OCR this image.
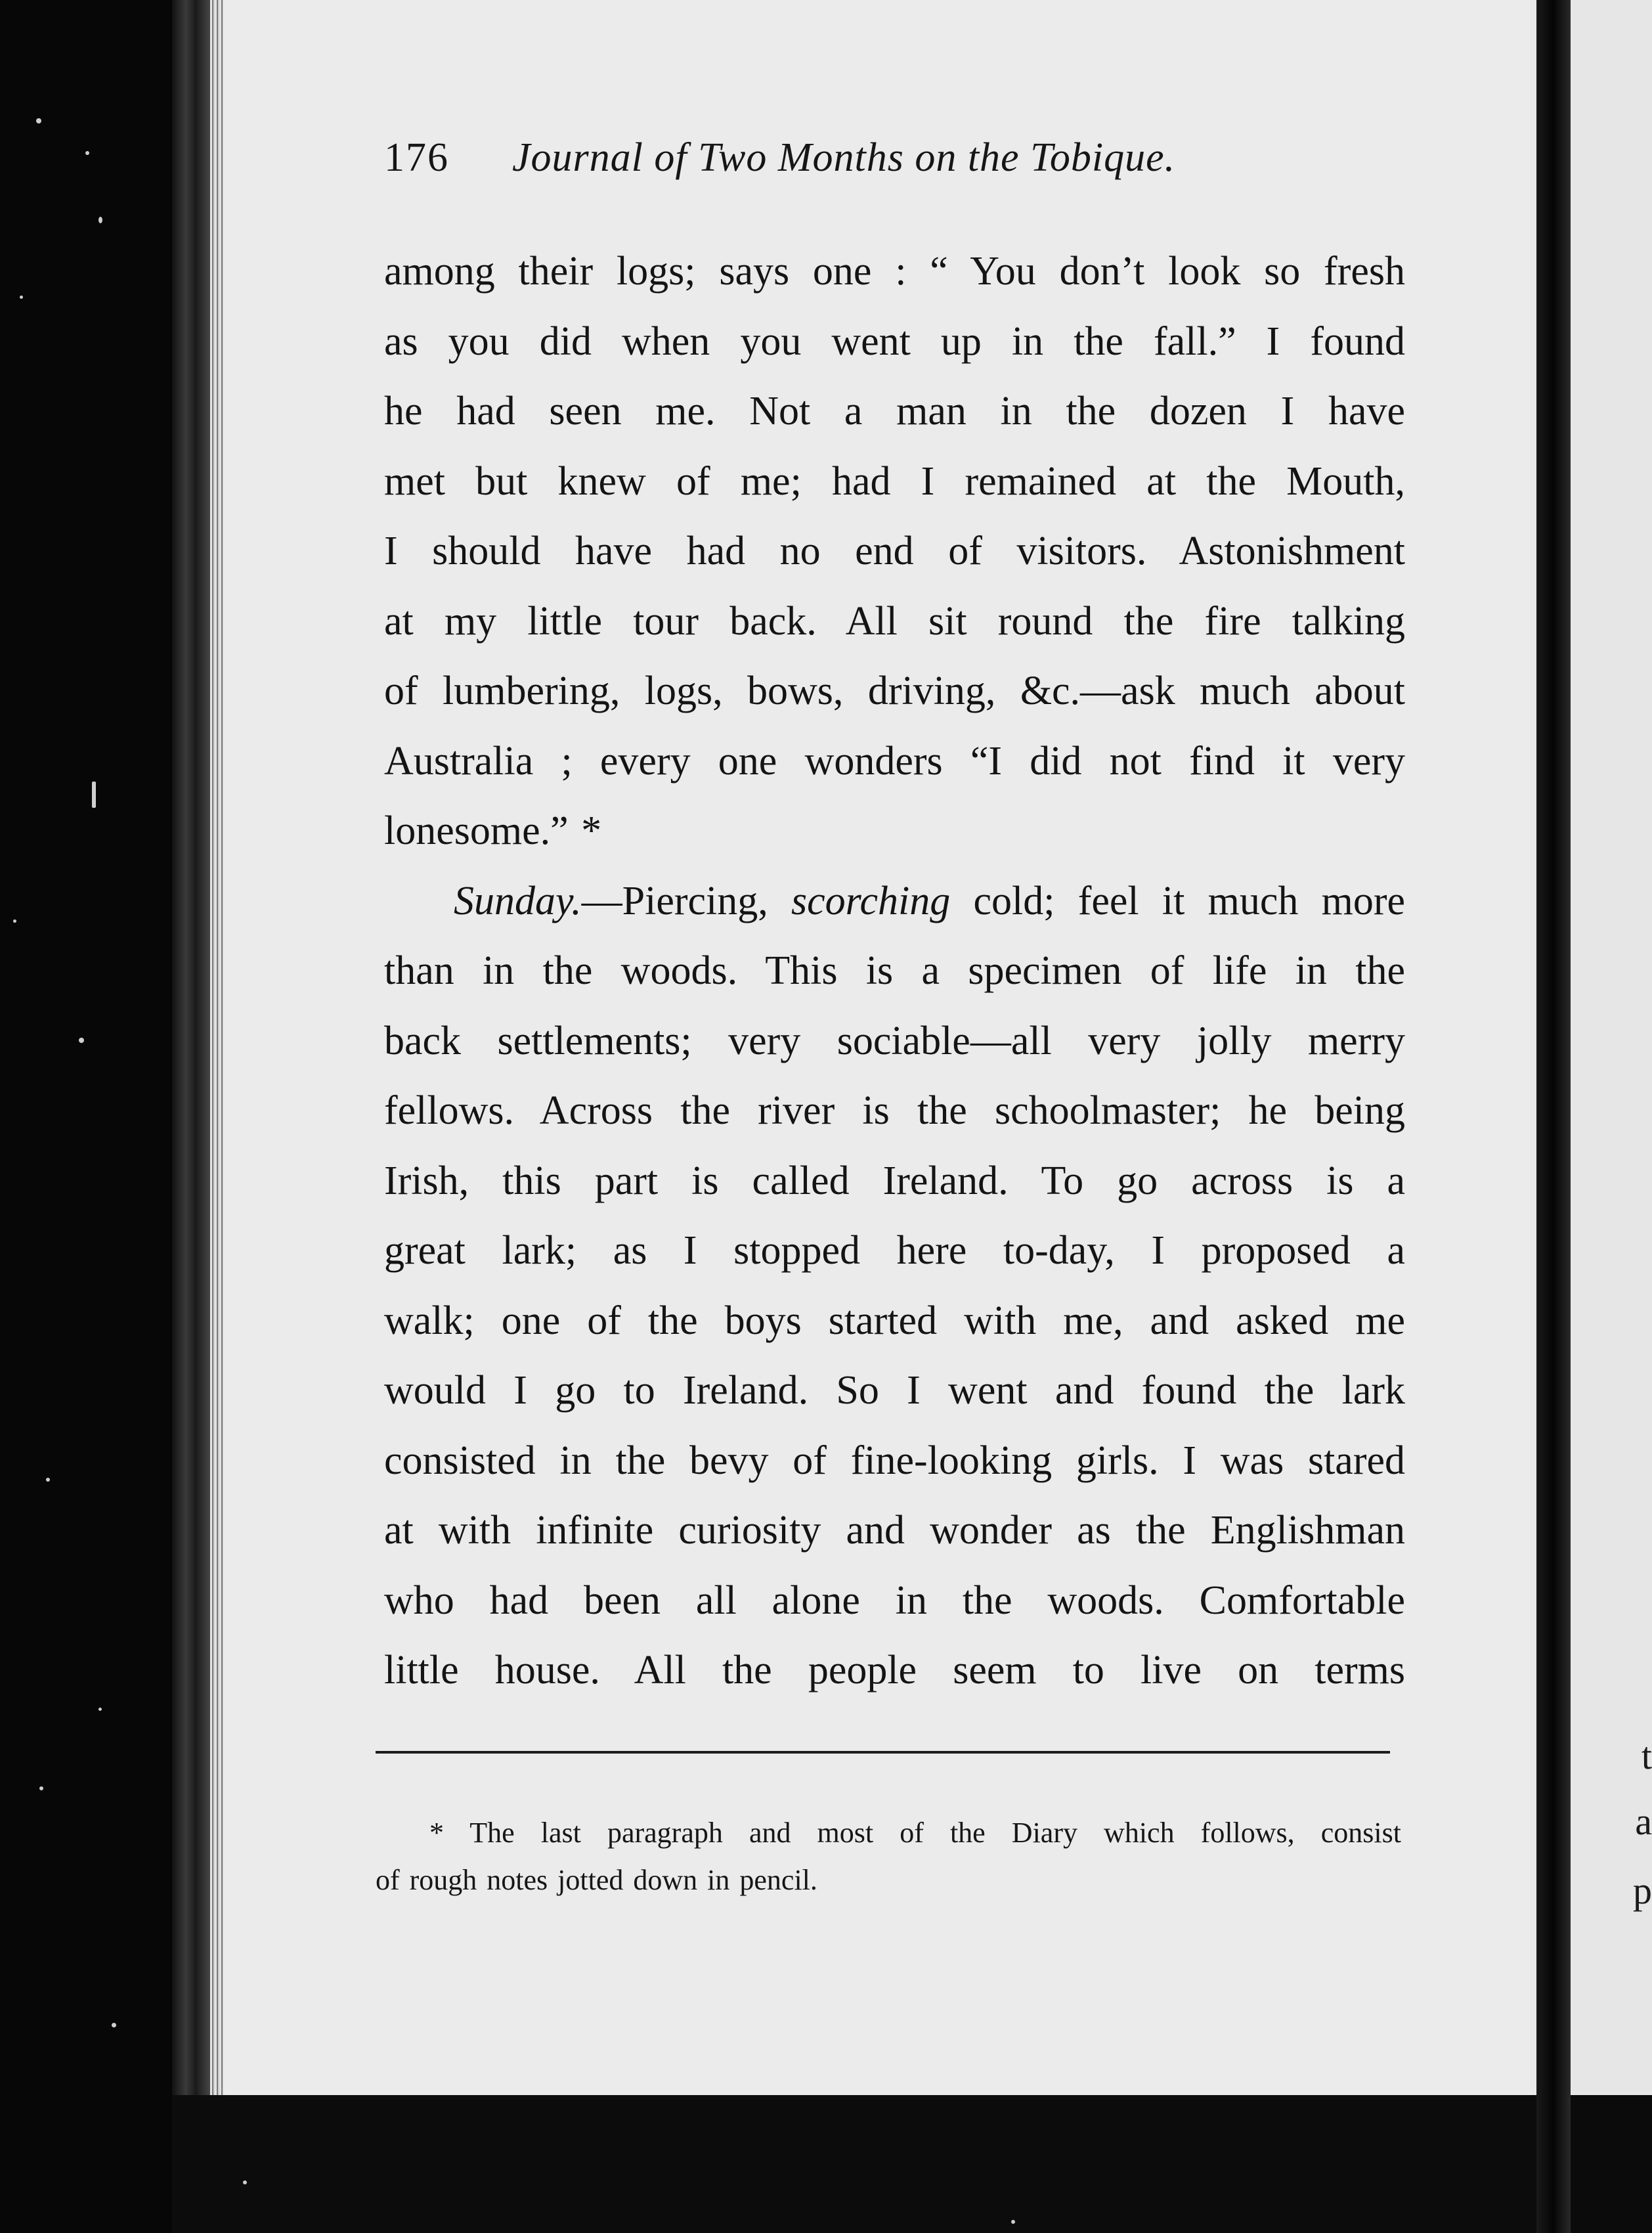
176 Journal of Two Months on the Tobique.
among their logs; says one : “ You don’t look so fresh
as you did when you went up in the fall.” I found
he had seen me. Not a man in the dozen I have
met but knew of me; had I remained at the Mouth,
I should have had no end of visitors. Astonishment
at my little tour back. All sit round the fire talking
of lumbering, logs, bows, driving, &c.—ask much about
Australia ; every one wonders “I did not find it very
lonesome.” *
Sunday.—Piercing, scorching cold; feel it much more
than in the woods. This is a specimen of life in the
back settlements; very sociable—all very jolly merry
fellows. Across the river is the schoolmaster; he being
Irish, this part is called Ireland. To go across is a
great lark; as I stopped here to-day, I proposed a
walk; one of the boys started with me, and asked me
would I go to Ireland. So I went and found the lark
consisted in the bevy of fine-looking girls. I was stared
at with infinite curiosity and wonder as the Englishman
who had been all alone in the woods. Comfortable
little house. All the people seem to live on terms
* The last paragraph and most of the Diary which follows, consist
of rough notes jotted down in pencil.
t
a
p
